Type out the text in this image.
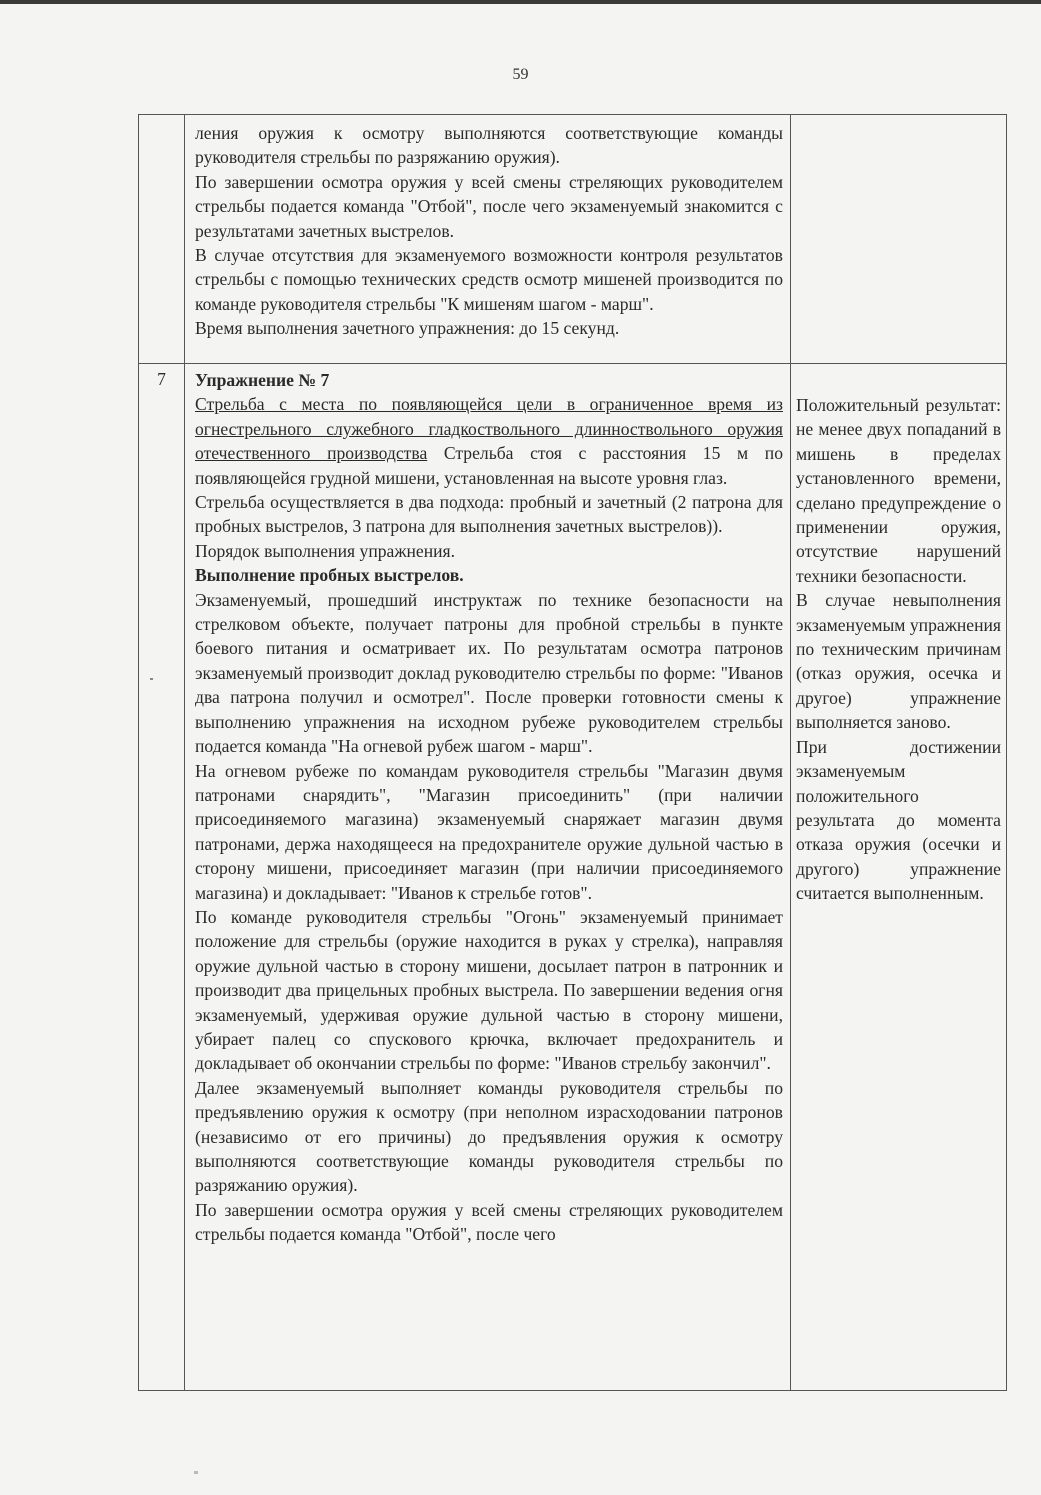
59

ления оружия к осмотру выполняются соответствующие команды руководителя стрельбы по разряжанию оружия).

По завершении осмотра оружия у всей смены стреляющих руководителем стрельбы подается команда "Отбой", после чего экзаменуемый знакомится с результатами зачетных выстрелов.

В случае отсутствия для экзаменуемого возможности контроля результатов стрельбы с помощью технических средств осмотр мишеней производится по команде руководителя стрельбы "К мишеням шагом - марш".

Время выполнения зачетного упражнения: до 15 секунд.

7	Упражнение № 7

Стрельба с места по появляющейся цели в ограниченное время из огнестрельного служебного гладкоствольного длинноствольного оружия отечественного производства Стрельба стоя с расстояния 15 м по появляющейся грудной мишени, установленная на высоте уровня глаз.

Стрельба осуществляется в два подхода: пробный и зачетный (2 патрона для пробных выстрелов, 3 патрона для выполнения зачетных выстрелов)).

Порядок выполнения упражнения.

Выполнение пробных выстрелов.

Экзаменуемый, прошедший инструктаж по технике безопасности на стрелковом объекте, получает патроны для пробной стрельбы в пункте боевого питания и осматривает их. По результатам осмотра патронов экзаменуемый производит доклад руководителю стрельбы по форме: "Иванов два патрона получил и осмотрел". После проверки готовности смены к выполнению упражнения на исходном рубеже руководителем стрельбы подается команда "На огневой рубеж шагом - марш".

На огневом рубеже по командам руководителя стрельбы "Магазин двумя патронами снарядить", "Магазин присоединить" (при наличии присоединяемого магазина) экзаменуемый снаряжает магазин двумя патронами, держа находящееся на предохранителе оружие дульной частью в сторону мишени, присоединяет магазин (при наличии присоединяемого магазина) и докладывает: "Иванов к стрельбе готов".

По команде руководителя стрельбы "Огонь" экзаменуемый принимает положение для стрельбы (оружие находится в руках у стрелка), направляя оружие дульной частью в сторону мишени, досылает патрон в патронник и производит два прицельных пробных выстрела. По завершении ведения огня экзаменуемый, удерживая оружие дульной частью в сторону мишени, убирает палец со спускового крючка, включает предохранитель и докладывает об окончании стрельбы по форме: "Иванов стрельбу закончил".

Далее экзаменуемый выполняет команды руководителя стрельбы по предъявлению оружия к осмотру (при неполном израсходовании патронов (независимо от его причины) до предъявления оружия к осмотру выполняются соответствующие команды руководителя стрельбы по разряжанию оружия).

По завершении осмотра оружия у всей смены стреляющих руководителем стрельбы подается команда "Отбой", после чего

Положительный результат: не менее двух попаданий в мишень в пределах установленного времени, сделано предупреждение о применении оружия, отсутствие нарушений техники безопасности.

В случае невыполнения экзаменуемым упражнения по техническим причинам (отказ оружия, осечка и другое) упражнение выполняется заново.

При достижении экзаменуемым положительного результата до момента отказа оружия (осечки и другого) упражнение считается выполненным.
